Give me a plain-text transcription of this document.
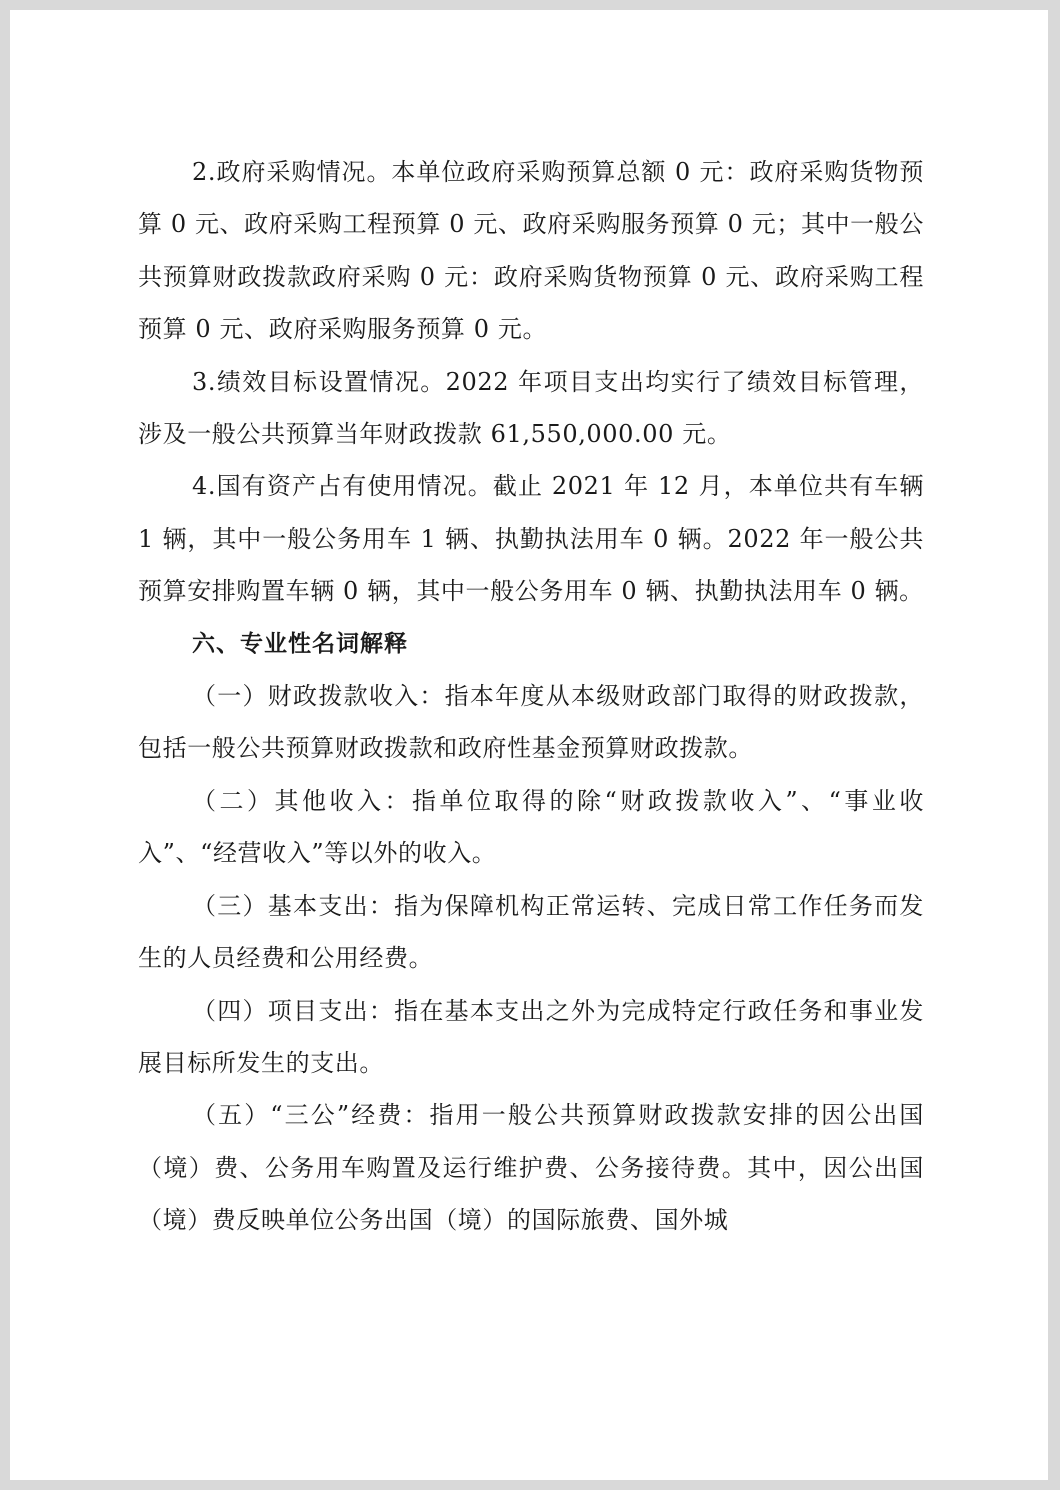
2.政府采购情况。本单位政府采购预算总额 0 元：政府采购货物预算 0 元、政府采购工程预算 0 元、政府采购服务预算 0 元；其中一般公共预算财政拨款政府采购 0 元：政府采购货物预算 0 元、政府采购工程预算 0 元、政府采购服务预算 0 元。

3.绩效目标设置情况。2022 年项目支出均实行了绩效目标管理，涉及一般公共预算当年财政拨款 61,550,000.00 元。

4.国有资产占有使用情况。截止 2021 年 12 月，本单位共有车辆 1 辆，其中一般公务用车 1 辆、执勤执法用车 0 辆。2022 年一般公共预算安排购置车辆 0 辆，其中一般公务用车 0 辆、执勤执法用车 0 辆。

六、专业性名词解释

（一）财政拨款收入：指本年度从本级财政部门取得的财政拨款，包括一般公共预算财政拨款和政府性基金预算财政拨款。

（二）其他收入：指单位取得的除“财政拨款收入”、“事业收入”、“经营收入”等以外的收入。

（三）基本支出：指为保障机构正常运转、完成日常工作任务而发生的人员经费和公用经费。

（四）项目支出：指在基本支出之外为完成特定行政任务和事业发展目标所发生的支出。

（五）“三公”经费：指用一般公共预算财政拨款安排的因公出国（境）费、公务用车购置及运行维护费、公务接待费。其中，因公出国（境）费反映单位公务出国（境）的国际旅费、国外城
